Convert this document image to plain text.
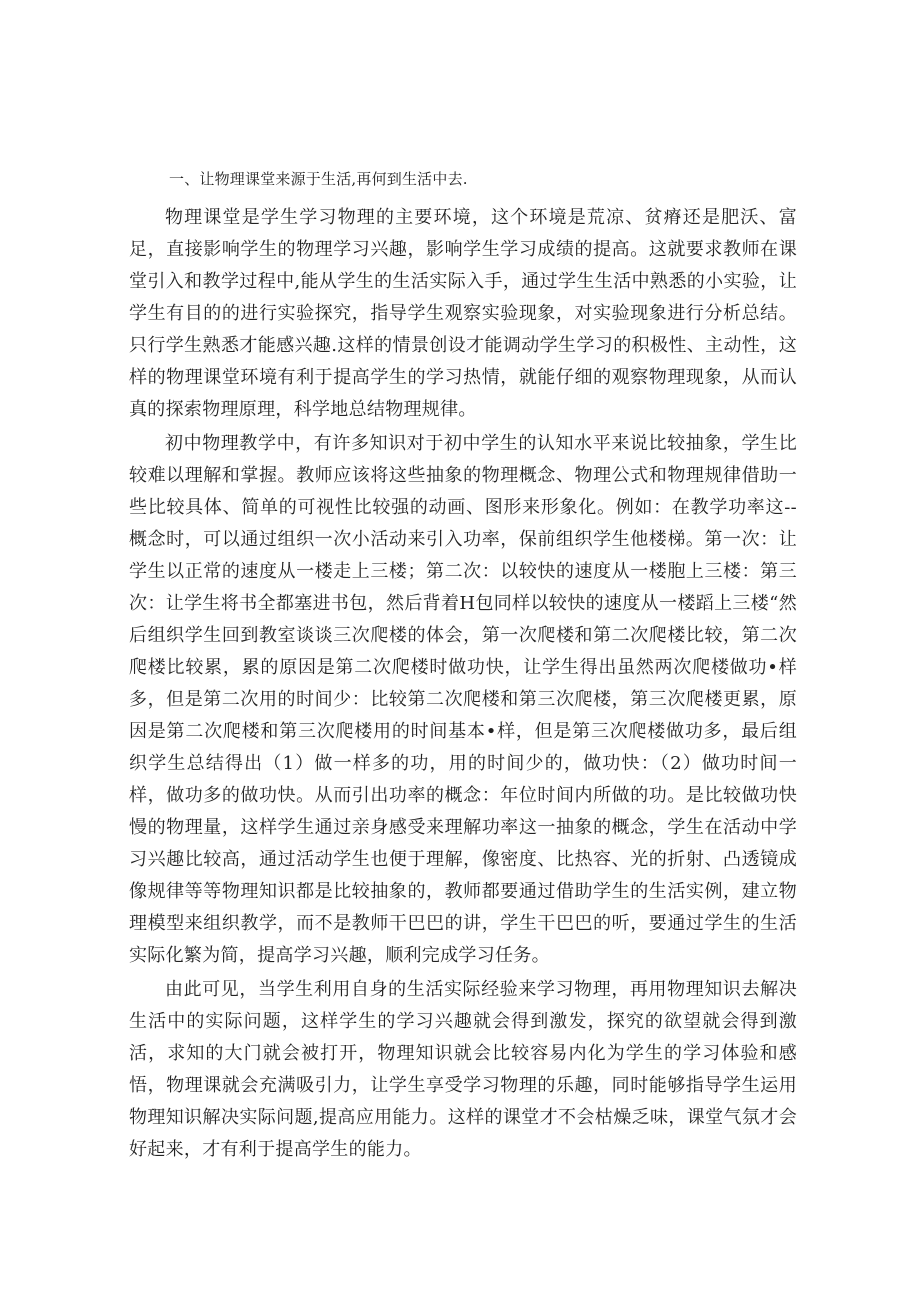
一、让物理课堂来源于生活,再何到生活中去.

物理课堂是学生学习物理的主要环境，这个环境是荒凉、贫瘠还是肥沃、富足，直接影响学生的物理学习兴趣，影响学生学习成绩的提高。这就要求教师在课堂引入和教学过程中,能从学生的生活实际入手，通过学生生活中熟悉的小实验，让学生有目的的进行实验探究，指导学生观察实验现象，对实验现象进行分析总结。只行学生熟悉才能感兴趣.这样的情景创设才能调动学生学习的积极性、主动性，这样的物理课堂环境有利于提高学生的学习热情，就能仔细的观察物理现象，从而认真的探索物理原理，科学地总结物理规律。

初中物理教学中，有许多知识对于初中学生的认知水平来说比较抽象，学生比较难以理解和掌握。教师应该将这些抽象的物理概念、物理公式和物理规律借助一些比较具体、简单的可视性比较强的动画、图形来形象化。例如：在教学功率这--概念时，可以通过组织一次小活动来引入功率，保前组织学生他楼梯。第一次：让学生以正常的速度从一楼走上三楼；第二次：以较快的速度从一楼胞上三楼：第三次：让学生将书全都塞进书包，然后背着H包同样以较快的速度从一楼蹈上三楼“然后组织学生回到教室谈谈三次爬楼的体会，第一次爬楼和第二次爬楼比较，第二次爬楼比较累，累的原因是第二次爬楼时做功快，让学生得出虽然两次爬楼做功•样多，但是第二次用的时间少：比较第二次爬楼和第三次爬楼，第三次爬楼更累，原因是第二次爬楼和第三次爬楼用的时间基本•样，但是第三次爬楼做功多，最后组织学生总结得出（1）做一样多的功，用的时间少的，做功快：（2）做功时间一样，做功多的做功快。从而引出功率的概念：年位时间内所做的功。是比较做功快慢的物理量，这样学生通过亲身感受来理解功率这一抽象的概念，学生在活动中学习兴趣比较高，通过活动学生也便于理解，像密度、比热容、光的折射、凸透镜成像规律等等物理知识都是比较抽象的，教师都要通过借助学生的生活实例，建立物理模型来组织教学，而不是教师干巴巴的讲，学生干巴巴的听，要通过学生的生活实际化繁为简，提高学习兴趣，顺利完成学习任务。

由此可见，当学生利用自身的生活实际经验来学习物理，再用物理知识去解决生活中的实际问题，这样学生的学习兴趣就会得到激发，探究的欲望就会得到激活，求知的大门就会被打开，物理知识就会比较容易内化为学生的学习体验和感悟，物理课就会充满吸引力，让学生享受学习物理的乐趣，同时能够指导学生运用物理知识解决实际问题,提高应用能力。这样的课堂才不会枯燥乏味，课堂气氛才会好起来，才有利于提高学生的能力。
